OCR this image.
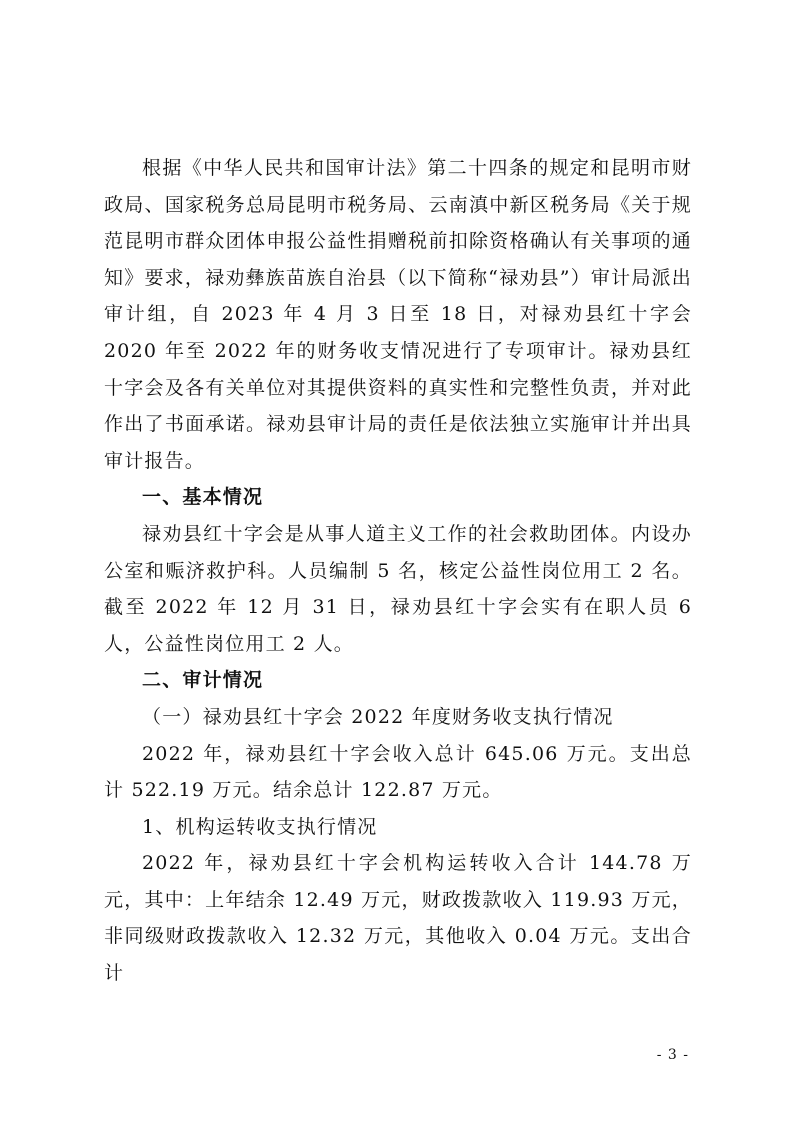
根据《中华人民共和国审计法》第二十四条的规定和昆明市财政局、国家税务总局昆明市税务局、云南滇中新区税务局《关于规范昆明市群众团体申报公益性捐赠税前扣除资格确认有关事项的通知》要求，禄劝彝族苗族自治县（以下简称“禄劝县”）审计局派出审计组，自 2023 年 4 月 3 日至 18 日，对禄劝县红十字会 2020 年至 2022 年的财务收支情况进行了专项审计。禄劝县红十字会及各有关单位对其提供资料的真实性和完整性负责，并对此作出了书面承诺。禄劝县审计局的责任是依法独立实施审计并出具审计报告。

一、基本情况

禄劝县红十字会是从事人道主义工作的社会救助团体。内设办公室和赈济救护科。人员编制 5 名，核定公益性岗位用工 2 名。截至 2022 年 12 月 31 日，禄劝县红十字会实有在职人员 6 人，公益性岗位用工 2 人。

二、审计情况

（一）禄劝县红十字会 2022 年度财务收支执行情况

2022 年，禄劝县红十字会收入总计 645.06 万元。支出总计 522.19 万元。结余总计 122.87 万元。

1、机构运转收支执行情况

2022 年，禄劝县红十字会机构运转收入合计 144.78 万元，其中：上年结余 12.49 万元，财政拨款收入 119.93 万元，非同级财政拨款收入 12.32 万元，其他收入 0.04 万元。支出合计

- 3 -
